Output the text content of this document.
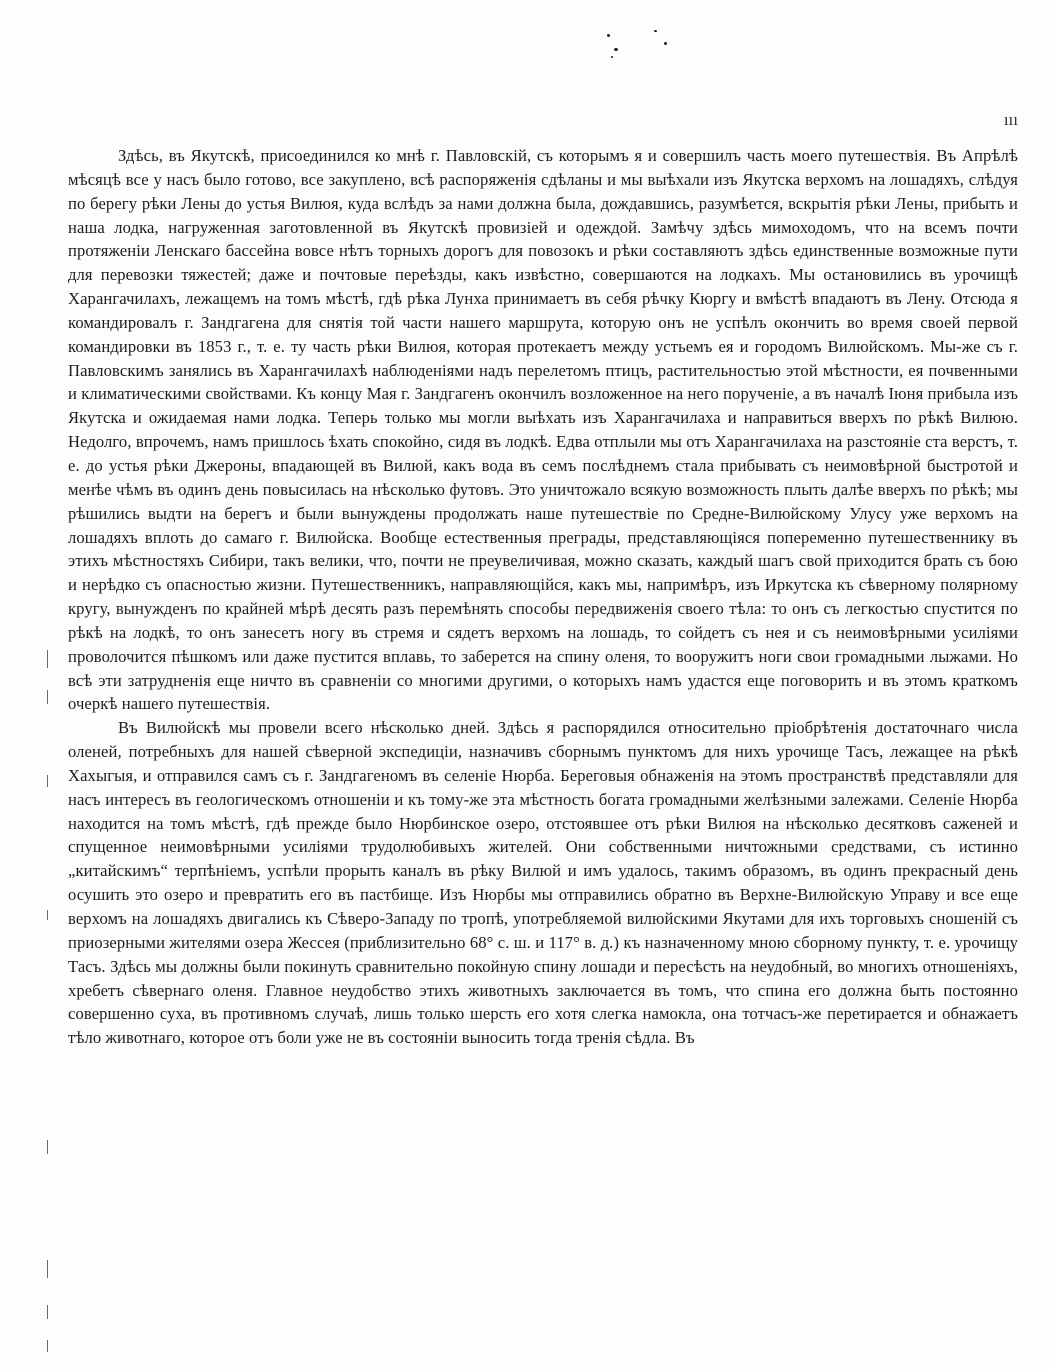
ııı

Здѣсь, въ Якутскѣ, присоединился ко мнѣ г. Павловскій, съ которымъ я и совершилъ часть моего путешествія. Въ Апрѣлѣ мѣсяцѣ все у насъ было готово, все закуплено, всѣ распоряженія сдѣланы и мы выѣхали изъ Якутска верхомъ на лошадяхъ, слѣдуя по берегу рѣки Лены до устья Вилюя, куда вслѣдъ за нами должна была, дождавшись, разумѣется, вскрытія рѣки Лены, прибыть и наша лодка, нагруженная заготовленной въ Якутскѣ провизіей и одеждой. Замѣчу здѣсь мимоходомъ, что на всемъ почти протяженіи Ленскаго бассейна вовсе нѣтъ торныхъ дорогъ для повозокъ и рѣки составляютъ здѣсь единственные возможные пути для перевозки тяжестей; даже и почтовые переѣзды, какъ извѣстно, совершаются на лодкахъ. Мы остановились въ урочищѣ Харангачилахъ, лежащемъ на томъ мѣстѣ, гдѣ рѣка Лунха принимаетъ въ себя рѣчку Кюргу и вмѣстѣ впадаютъ въ Лену. Отсюда я командировалъ г. Зандгагена для снятія той части нашего маршрута, которую онъ не успѣлъ окончить во время своей первой командировки въ 1853 г., т. е. ту часть рѣки Вилюя, которая протекаетъ между устьемъ ея и городомъ Вилюйскомъ. Мы-же съ г. Павловскимъ занялись въ Харангачилахѣ наблюденіями надъ перелетомъ птицъ, растительностью этой мѣстности, ея почвенными и климатическими свойствами. Къ концу Мая г. Зандгагенъ окончилъ возложенное на него порученіе, а въ началѣ Іюня прибыла изъ Якутска и ожидаемая нами лодка. Теперь только мы могли выѣхать изъ Харангачилаха и направиться вверхъ по рѣкѣ Вилюю. Недолго, впрочемъ, намъ пришлось ѣхать спокойно, сидя въ лодкѣ. Едва отплыли мы отъ Харангачилаха на разстояніе ста верстъ, т. е. до устья рѣки Джероны, впадающей въ Вилюй, какъ вода въ семъ послѣднемъ стала прибывать съ неимовѣрной быстротой и менѣе чѣмъ въ одинъ день повысилась на нѣсколько футовъ. Это уничтожало всякую возможность плыть далѣе вверхъ по рѣкѣ; мы рѣшились выдти на берегъ и были вынуждены продолжать наше путешествіе по Средне-Вилюйскому Улусу уже верхомъ на лошадяхъ вплоть до самаго г. Вилюйска. Вообще естественныя преграды, представляющіяся попеременно путешественнику въ этихъ мѣстностяхъ Сибири, такъ велики, что, почти не преувеличивая, можно сказать, каждый шагъ свой приходится брать съ бою и нерѣдко съ опасностью жизни. Путешественникъ, направляющійся, какъ мы, напримѣръ, изъ Иркутска къ сѣверному полярному кругу, вынужденъ по крайней мѣрѣ десять разъ перемѣнять способы передвиженія своего тѣла: то онъ съ легкостью спустится по рѣкѣ на лодкѣ, то онъ занесетъ ногу въ стремя и сядетъ верхомъ на лошадь, то сойдетъ съ нея и съ неимовѣрными усиліями проволочится пѣшкомъ или даже пустится вплавь, то заберется на спину оленя, то вооружитъ ноги свои громадными лыжами. Но всѣ эти затрудненія еще ничто въ сравненіи со многими другими, о которыхъ намъ удастся еще поговорить и въ этомъ краткомъ очеркѣ нашего путешествія.

Въ Вилюйскѣ мы провели всего нѣсколько дней. Здѣсь я распорядился относительно пріобрѣтенія достаточнаго числа оленей, потребныхъ для нашей сѣверной экспедиціи, назначивъ сборнымъ пунктомъ для нихъ урочище Тасъ, лежащее на рѣкѣ Хахыгыя, и отправился самъ съ г. Зандгагеномъ въ селеніе Нюрба. Береговыя обнаженія на этомъ пространствѣ представляли для насъ интересъ въ геологическомъ отношеніи и къ тому-же эта мѣстность богата громадными желѣзными залежами. Селеніе Нюрба находится на томъ мѣстѣ, гдѣ прежде было Нюрбинское озеро, отстоявшее отъ рѣки Вилюя на нѣсколько десятковъ саженей и спущенное неимовѣрными усиліями трудолюбивыхъ жителей. Они собственными ничтожными средствами, съ истинно „китайскимъ“ терпѣніемъ, успѣли прорыть каналъ въ рѣку Вилюй и имъ удалось, такимъ образомъ, въ одинъ прекрасный день осушить это озеро и превратить его въ пастбище. Изъ Нюрбы мы отправились обратно въ Верхне-Вилюйскую Управу и все еще верхомъ на лошадяхъ двигались къ Сѣверо-Западу по тропѣ, употребляемой вилюйскими Якутами для ихъ торговыхъ сношеній съ приозерными жителями озера Жессея (приблизительно 68° с. ш. и 117° в. д.) къ назначенному мною сборному пункту, т. е. урочищу Тасъ. Здѣсь мы должны были покинуть сравнительно покойную спину лошади и пересѣсть на неудобный, во многихъ отношеніяхъ, хребетъ сѣвернаго оленя. Главное неудобство этихъ животныхъ заключается въ томъ, что спина его должна быть постоянно совершенно суха, въ противномъ случаѣ, лишь только шерсть его хотя слегка намокла, она тотчасъ-же перетирается и обнажаетъ тѣло животнаго, которое отъ боли уже не въ состояніи выносить тогда тренія сѣдла. Въ
